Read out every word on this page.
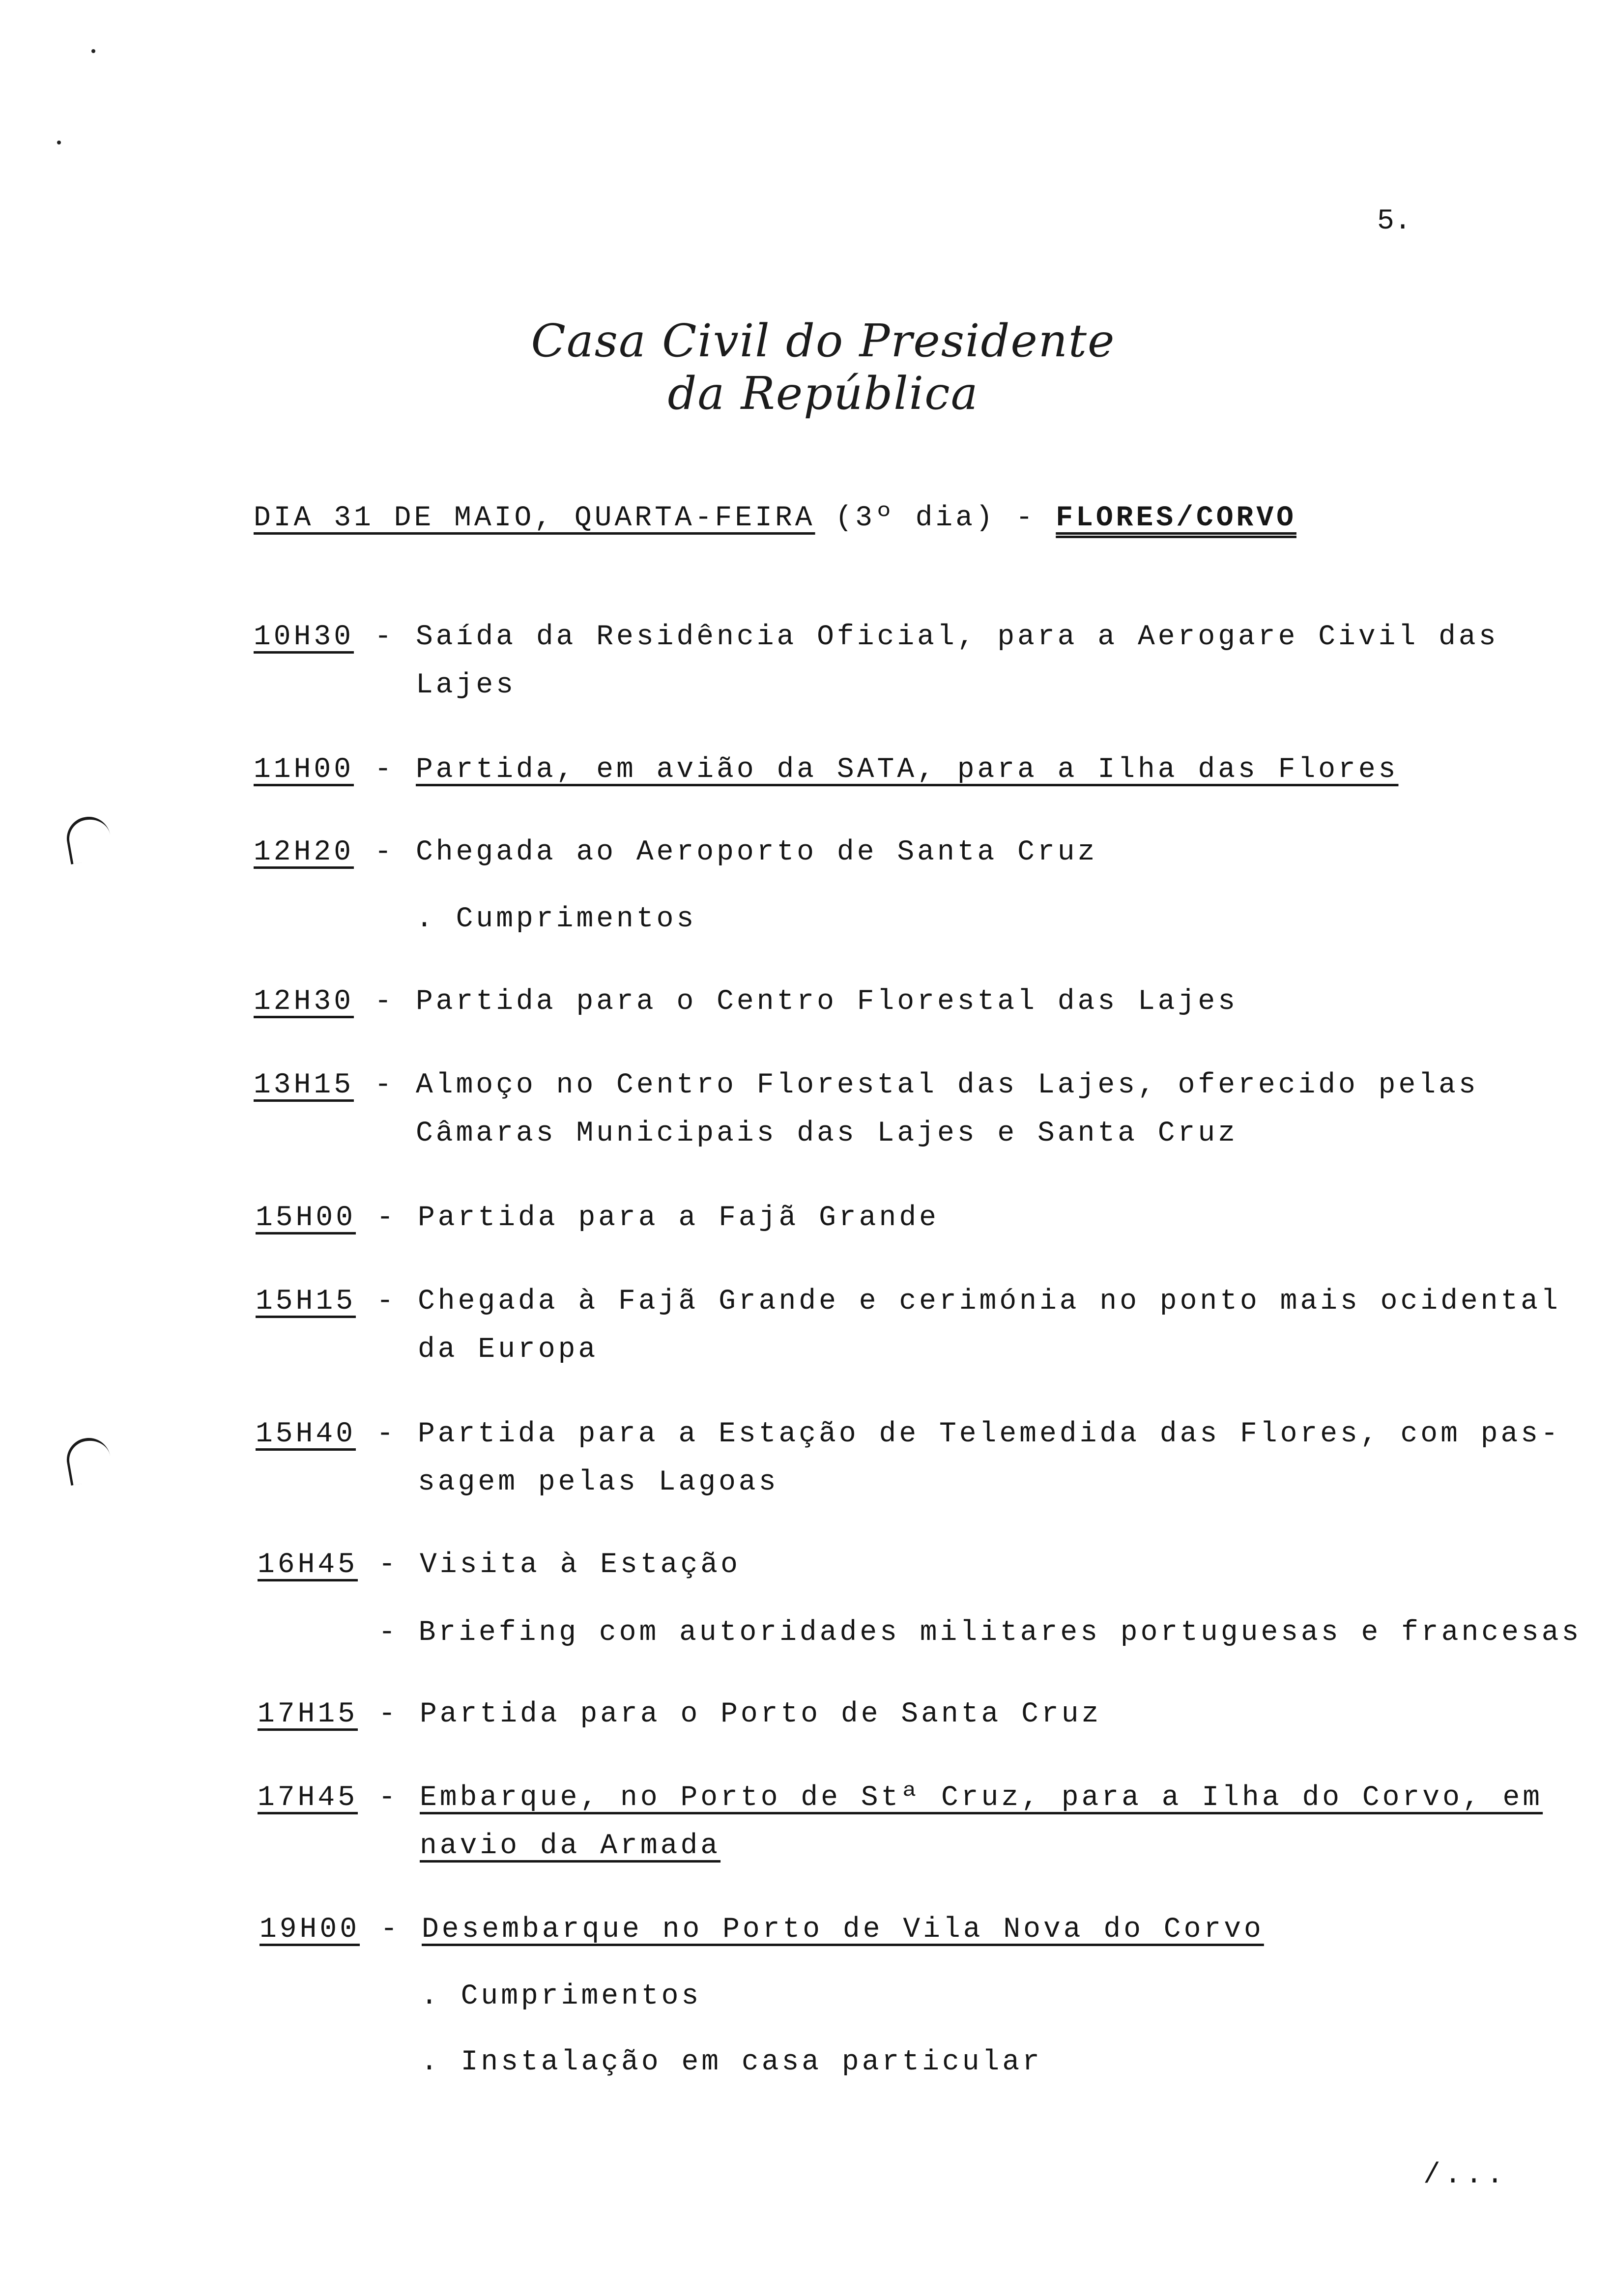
5.
Casa Civil do Presidente da República
DIA 31 DE MAIO, QUARTA-FEIRA (3º dia) - FLORES/CORVO
10H30 - Saída da Residência Oficial, para a Aerogare Civil das
Lajes
11H00 - Partida, em avião da SATA, para a Ilha das Flores
12H20 - Chegada ao Aeroporto de Santa Cruz
. Cumprimentos
12H30 - Partida para o Centro Florestal das Lajes
13H15 - Almoço no Centro Florestal das Lajes, oferecido pelas
Câmaras Municipais das Lajes e Santa Cruz
15H00 - Partida para a Fajã Grande
15H15 - Chegada à Fajã Grande e cerimónia no ponto mais ocidental
da Europa
15H40 - Partida para a Estação de Telemedida das Flores, com pas-
sagem pelas Lagoas
16H45 - Visita à Estação
- Briefing com autoridades militares portuguesas e francesas
17H15 - Partida para o Porto de Santa Cruz
17H45 - Embarque, no Porto de Stª Cruz, para a Ilha do Corvo, em
navio da Armada
19H00 - Desembarque no Porto de Vila Nova do Corvo
. Cumprimentos
. Instalação em casa particular
/...
